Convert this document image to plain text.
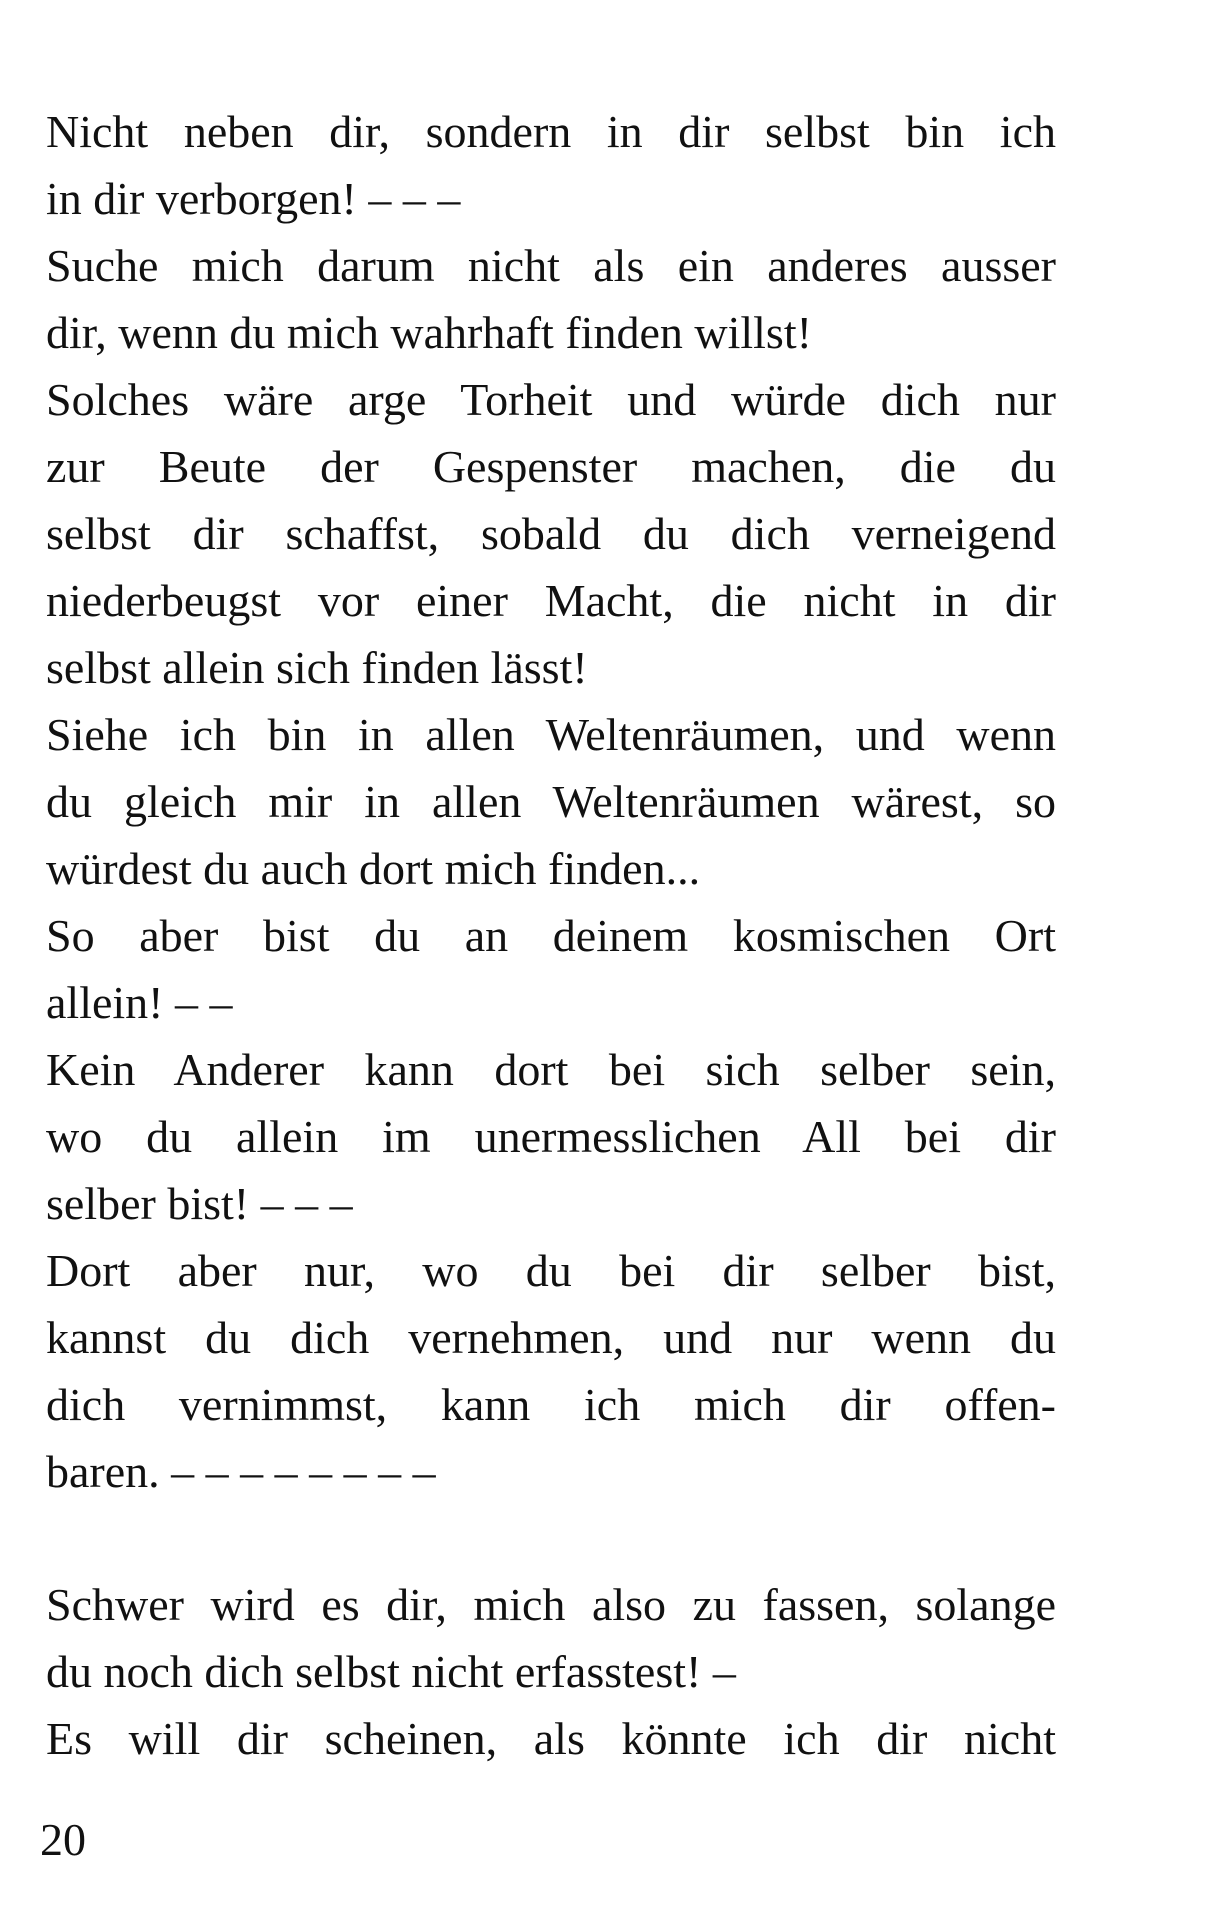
Nicht neben dir, sondern in dir selbst bin ich
in dir verborgen! – – –
Suche mich darum nicht als ein anderes ausser
dir, wenn du mich wahrhaft finden willst!
Solches wäre arge Torheit und würde dich nur
zur Beute der Gespenster machen, die du
selbst dir schaffst, sobald du dich verneigend
niederbeugst vor einer Macht, die nicht in dir
selbst allein sich finden lässt!
Siehe ich bin in allen Weltenräumen, und wenn
du gleich mir in allen Weltenräumen wärest, so
würdest du auch dort mich finden...
So aber bist du an deinem kosmischen Ort
allein! – –
Kein Anderer kann dort bei sich selber sein,
wo du allein im unermesslichen All bei dir
selber bist! – – –
Dort aber nur, wo du bei dir selber bist,
kannst du dich vernehmen, und nur wenn du
dich vernimmst, kann ich mich dir offen-
baren. – – – – – – – –
Schwer wird es dir, mich also zu fassen, solange
du noch dich selbst nicht erfasstest! –
Es will dir scheinen, als könnte ich dir nicht
20
